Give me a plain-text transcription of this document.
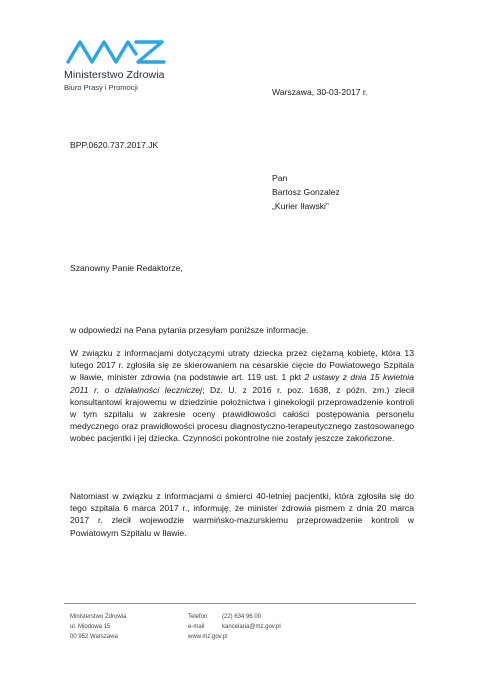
Ministerstwo Zdrowia
Biuro Prasy i Promocji	Warszawa, 30-03-2017 r.
BPP.0620.737.2017.JK
Pan
Bartosz Gonzalez
„Kurier Iławski”
Szanowny Panie Redaktorze,
w odpowiedzi na Pana pytania przesyłam poniższe informacje.
W związku z informacjami dotyczącymi utraty dziecka przez ciężarną kobietę, która 13 lutego 2017 r. zgłosiła się ze skierowaniem na cesarskie cięcie do Powiatowego Szpitala w Iławie, minister zdrowia (na podstawie art. 119 ust. 1 pkt 2 ustawy z dnia 15 kwietnia 2011 r. o działalności leczniczej; Dz. U. z 2016 r. poz. 1638, z późn. zm.) zlecił konsultantowi krajowemu w dziedzinie położnictwa i ginekologii przeprowadzenie kontroli w tym szpitalu w zakresie oceny prawidłowości całości postępowania personelu medycznego oraz prawidłowości procesu diagnostyczno-terapeutycznego zastosowanego wobec pacjentki i jej dziecka. Czynności pokontrolne nie zostały jeszcze zakończone.
Natomiast w związku z informacjami o śmierci 40-letniej pacjentki, która zgłosiła się do tego szpitala 6 marca 2017 r., informuję, że minister zdrowia pismem z dnia 20 marca 2017 r. zlecił wojewodzie warmińsko-mazurskiemu przeprowadzenie kontroli w Powiatowym Szpitalu w Iławie.
Ministerstwo Zdrowia
ul. Miodowa 15
00 952 Warszawa
Telefon	(22) 634 96 00
e-mail	kancelaria@mz.gov.pl
www.mz.gov.pl
